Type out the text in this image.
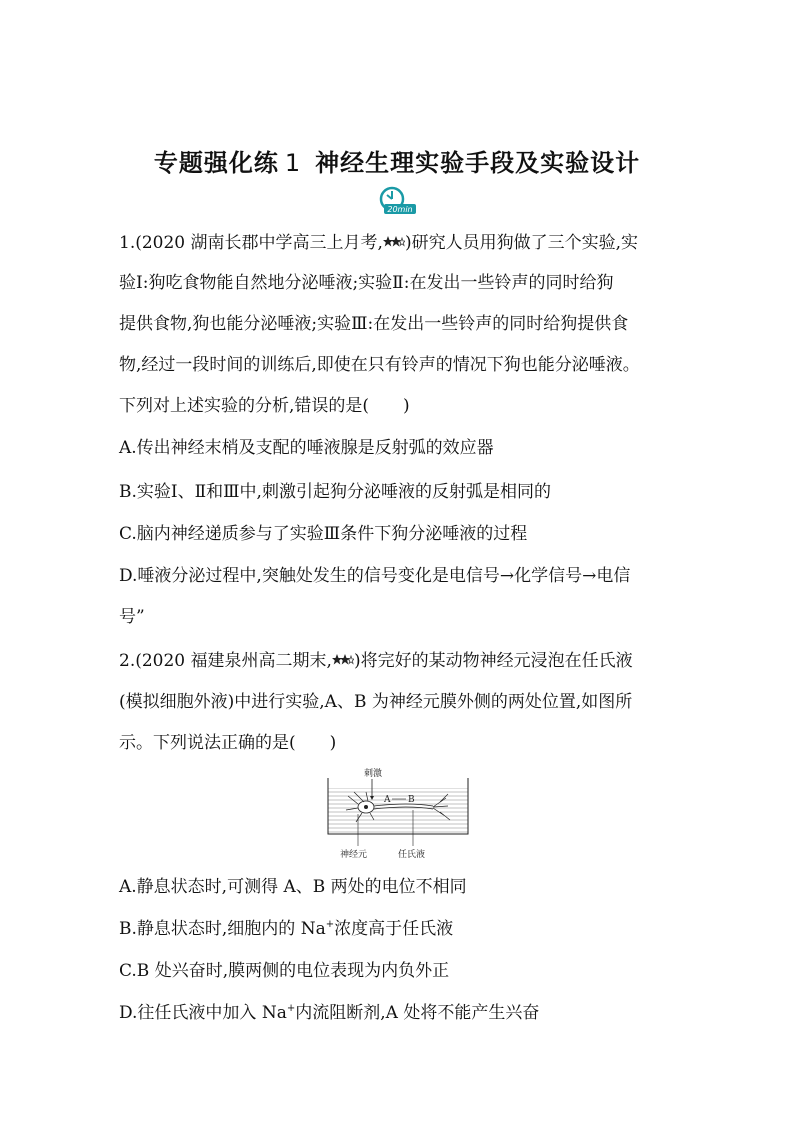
专题强化练 1 神经生理实验手段及实验设计
20min
1.(2020 湖南长郡中学高三上月考, )研究人员用狗做了三个实验,实
验Ⅰ:狗吃食物能自然地分泌唾液;实验Ⅱ:在发出一些铃声的同时给狗
提供食物,狗也能分泌唾液;实验Ⅲ:在发出一些铃声的同时给狗提供食
物,经过一段时间的训练后,即使在只有铃声的情况下狗也能分泌唾液。
下列对上述实验的分析,错误的是(　　)
A.传出神经末梢及支配的唾液腺是反射弧的效应器
B.实验Ⅰ、Ⅱ和Ⅲ中,刺激引起狗分泌唾液的反射弧是相同的
C.脑内神经递质参与了实验Ⅲ条件下狗分泌唾液的过程
D.唾液分泌过程中,突触处发生的信号变化是电信号→化学信号→电信
号”
2.(2020 福建泉州高二期末, )将完好的某动物神经元浸泡在任氏液
(模拟细胞外液)中进行实验,A、B 为神经元膜外侧的两处位置,如图所
示。下列说法正确的是(　　)
刺激
A B
神经元	任氏液
A.静息状态时,可测得 A、B 两处的电位不相同
B.静息状态时,细胞内的 Na+浓度高于任氏液
C.B 处兴奋时,膜两侧的电位表现为内负外正
D.往任氏液中加入 Na+内流阻断剂,A 处将不能产生兴奋
